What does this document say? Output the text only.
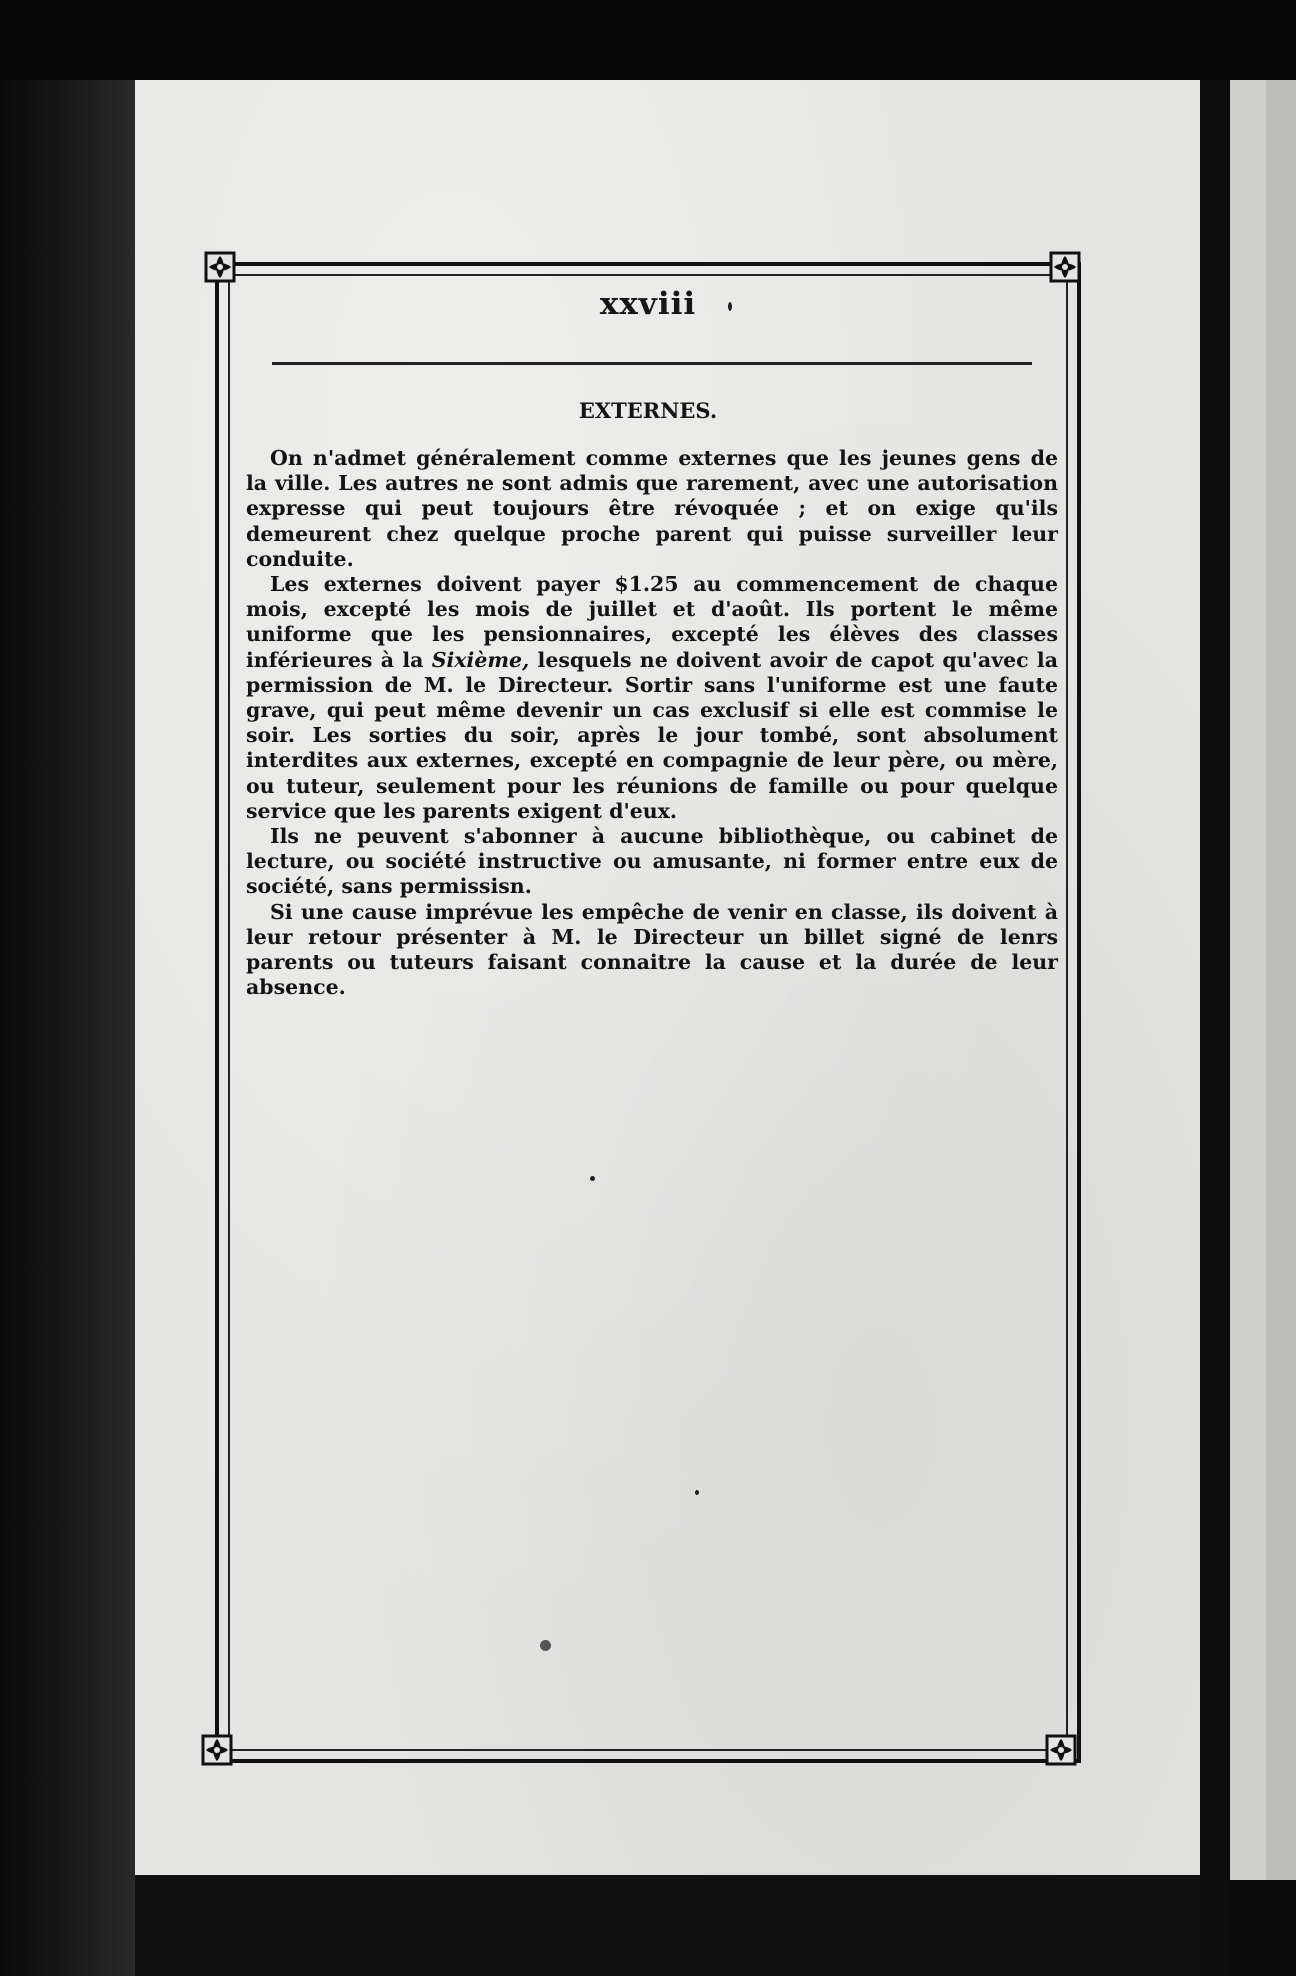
xxviii
EXTERNES.

On n'admet généralement comme externes que les jeunes gens de la ville. Les autres ne sont admis que rarement, avec une autorisation expresse qui peut toujours être révoquée ; et on exige qu'ils demeurent chez quelque proche parent qui puisse surveiller leur conduite.

Les externes doivent payer $1.25 au commencement de chaque mois, excepté les mois de juillet et d'août. Ils portent le même uniforme que les pensionnaires, excepté les élèves des classes inférieures à la Sixième, lesquels ne doivent avoir de capot qu'avec la permission de M. le Directeur. Sortir sans l'uniforme est une faute grave, qui peut même devenir un cas exclusif si elle est commise le soir. Les sorties du soir, après le jour tombé, sont absolument interdites aux externes, excepté en compagnie de leur père, ou mère, ou tuteur, seulement pour les réunions de famille ou pour quelque service que les parents exigent d'eux.

Ils ne peuvent s'abonner à aucune bibliothèque, ou cabinet de lecture, ou société instructive ou amusante, ni former entre eux de société, sans permissisn.

Si une cause imprévue les empêche de venir en classe, ils doivent à leur retour présenter à M. le Directeur un billet signé de lenrs parents ou tuteurs faisant connaitre la cause et la durée de leur absence.
